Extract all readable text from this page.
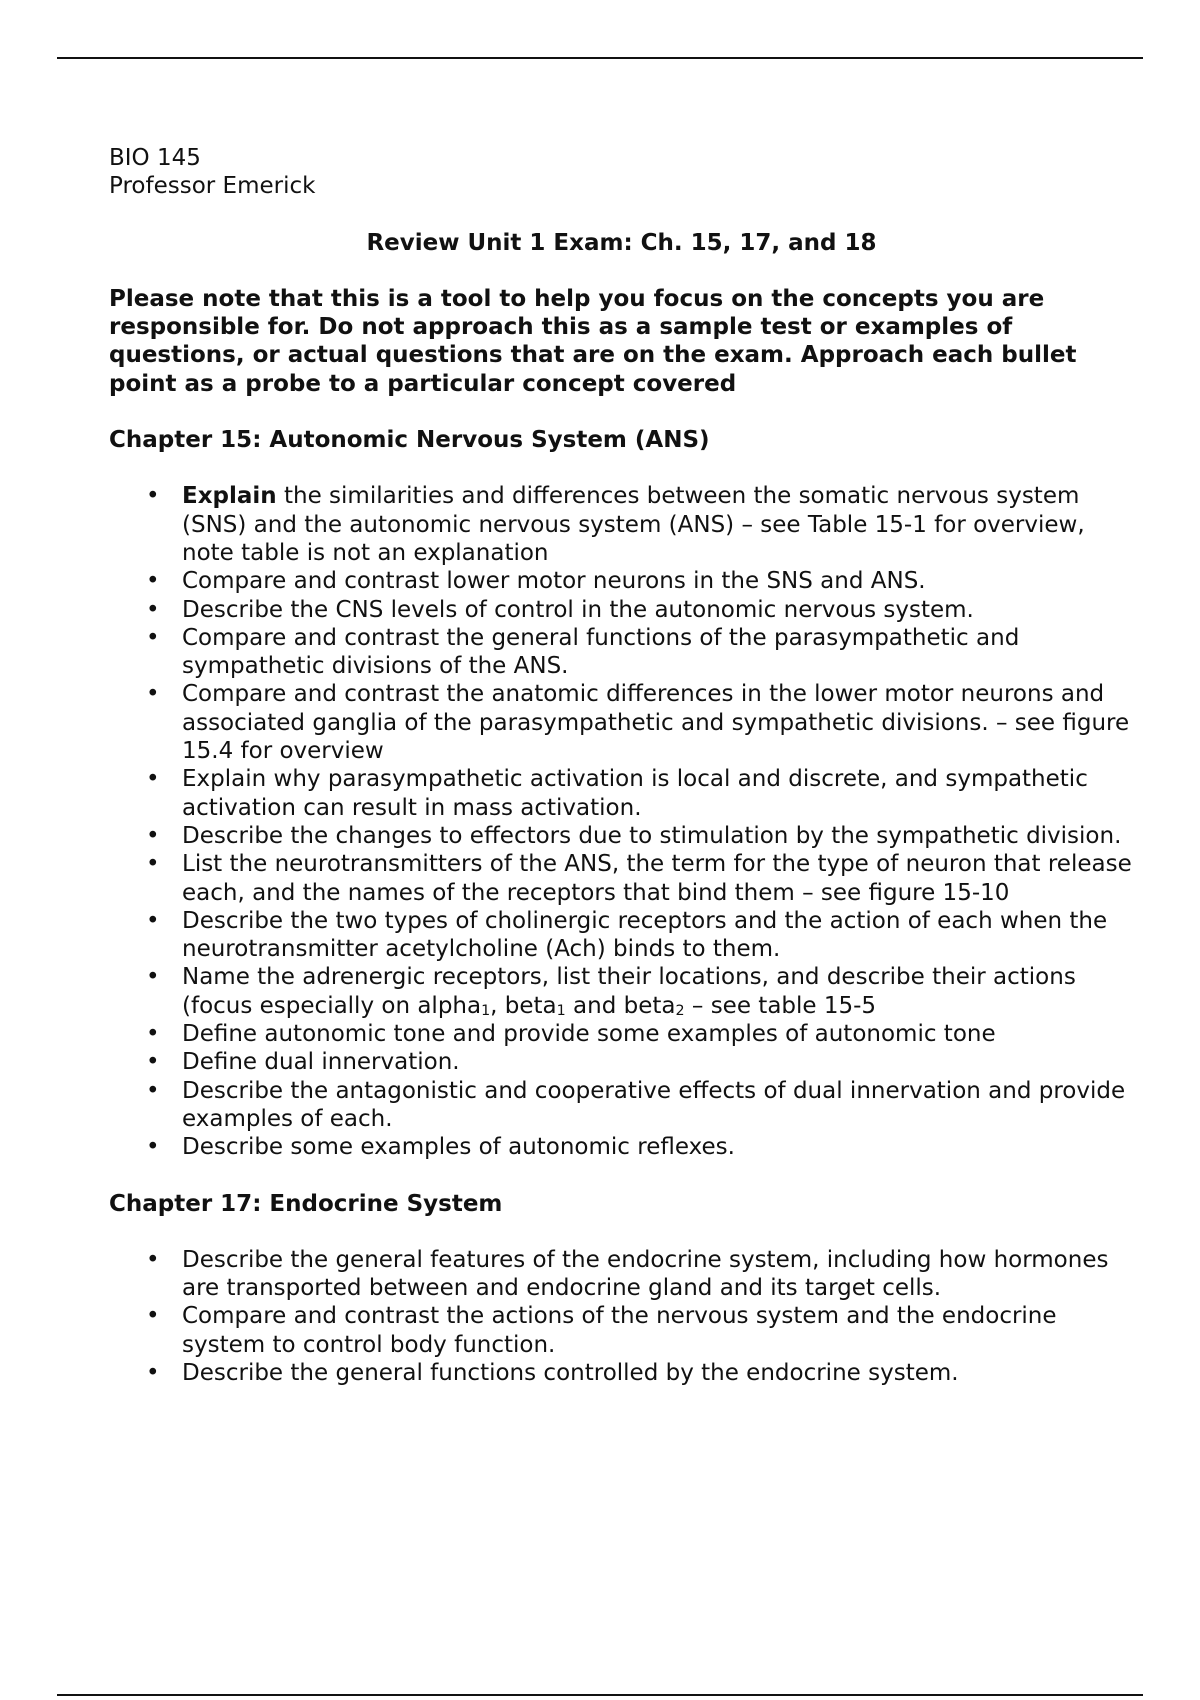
BIO 145

Professor Emerick

Review Unit 1 Exam: Ch. 15, 17, and 18

Please note that this is a tool to help you focus on the concepts you are responsible for. Do not approach this as a sample test or examples of questions, or actual questions that are on the exam. Approach each bullet point as a probe to a particular concept covered

Chapter 15: Autonomic Nervous System (ANS)

• Explain the similarities and differences between the somatic nervous system (SNS) and the autonomic nervous system (ANS) – see Table 15-1 for overview, note table is not an explanation
• Compare and contrast lower motor neurons in the SNS and ANS.
• Describe the CNS levels of control in the autonomic nervous system.
• Compare and contrast the general functions of the parasympathetic and sympathetic divisions of the ANS.
• Compare and contrast the anatomic differences in the lower motor neurons and associated ganglia of the parasympathetic and sympathetic divisions. – see figure 15.4 for overview
• Explain why parasympathetic activation is local and discrete, and sympathetic activation can result in mass activation.
• Describe the changes to effectors due to stimulation by the sympathetic division.
• List the neurotransmitters of the ANS, the term for the type of neuron that release each, and the names of the receptors that bind them – see figure 15-10
• Describe the two types of cholinergic receptors and the action of each when the neurotransmitter acetylcholine (Ach) binds to them.
• Name the adrenergic receptors, list their locations, and describe their actions (focus especially on alpha1, beta1 and beta2 – see table 15-5
• Define autonomic tone and provide some examples of autonomic tone
• Define dual innervation.
• Describe the antagonistic and cooperative effects of dual innervation and provide examples of each.
• Describe some examples of autonomic reflexes.

Chapter 17: Endocrine System

• Describe the general features of the endocrine system, including how hormones are transported between and endocrine gland and its target cells.
• Compare and contrast the actions of the nervous system and the endocrine system to control body function.
• Describe the general functions controlled by the endocrine system.
